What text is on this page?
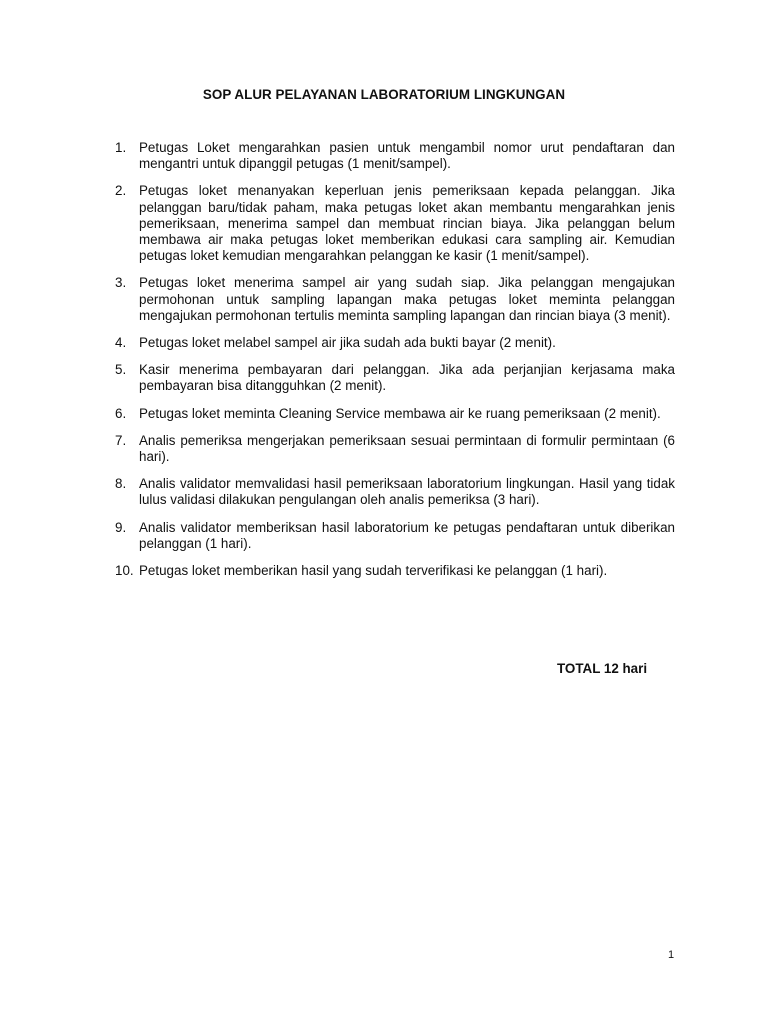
SOP ALUR PELAYANAN LABORATORIUM LINGKUNGAN
1. Petugas Loket mengarahkan pasien untuk mengambil nomor urut pendaftaran dan mengantri untuk dipanggil petugas (1 menit/sampel).
2. Petugas loket menanyakan keperluan jenis pemeriksaan kepada pelanggan. Jika pelanggan baru/tidak paham, maka petugas loket akan membantu mengarahkan jenis pemeriksaan, menerima sampel dan membuat rincian biaya. Jika pelanggan belum membawa air maka petugas loket memberikan edukasi cara sampling air. Kemudian petugas loket kemudian mengarahkan pelanggan ke kasir (1 menit/sampel).
3. Petugas loket menerima sampel air yang sudah siap. Jika pelanggan mengajukan permohonan untuk sampling lapangan maka petugas loket meminta pelanggan mengajukan permohonan tertulis meminta sampling lapangan dan rincian biaya (3 menit).
4. Petugas loket melabel sampel air jika sudah ada bukti bayar (2 menit).
5. Kasir menerima pembayaran dari pelanggan. Jika ada perjanjian kerjasama maka pembayaran bisa ditangguhkan (2 menit).
6. Petugas loket meminta Cleaning Service membawa air ke ruang pemeriksaan (2 menit).
7. Analis pemeriksa mengerjakan pemeriksaan sesuai permintaan di formulir permintaan (6 hari).
8. Analis validator memvalidasi hasil pemeriksaan laboratorium lingkungan. Hasil yang tidak lulus validasi dilakukan pengulangan oleh analis pemeriksa (3 hari).
9. Analis validator memberiksan hasil laboratorium ke petugas pendaftaran untuk diberikan pelanggan (1 hari).
10. Petugas loket memberikan hasil yang sudah terverifikasi ke pelanggan (1 hari).
TOTAL 12 hari
1
